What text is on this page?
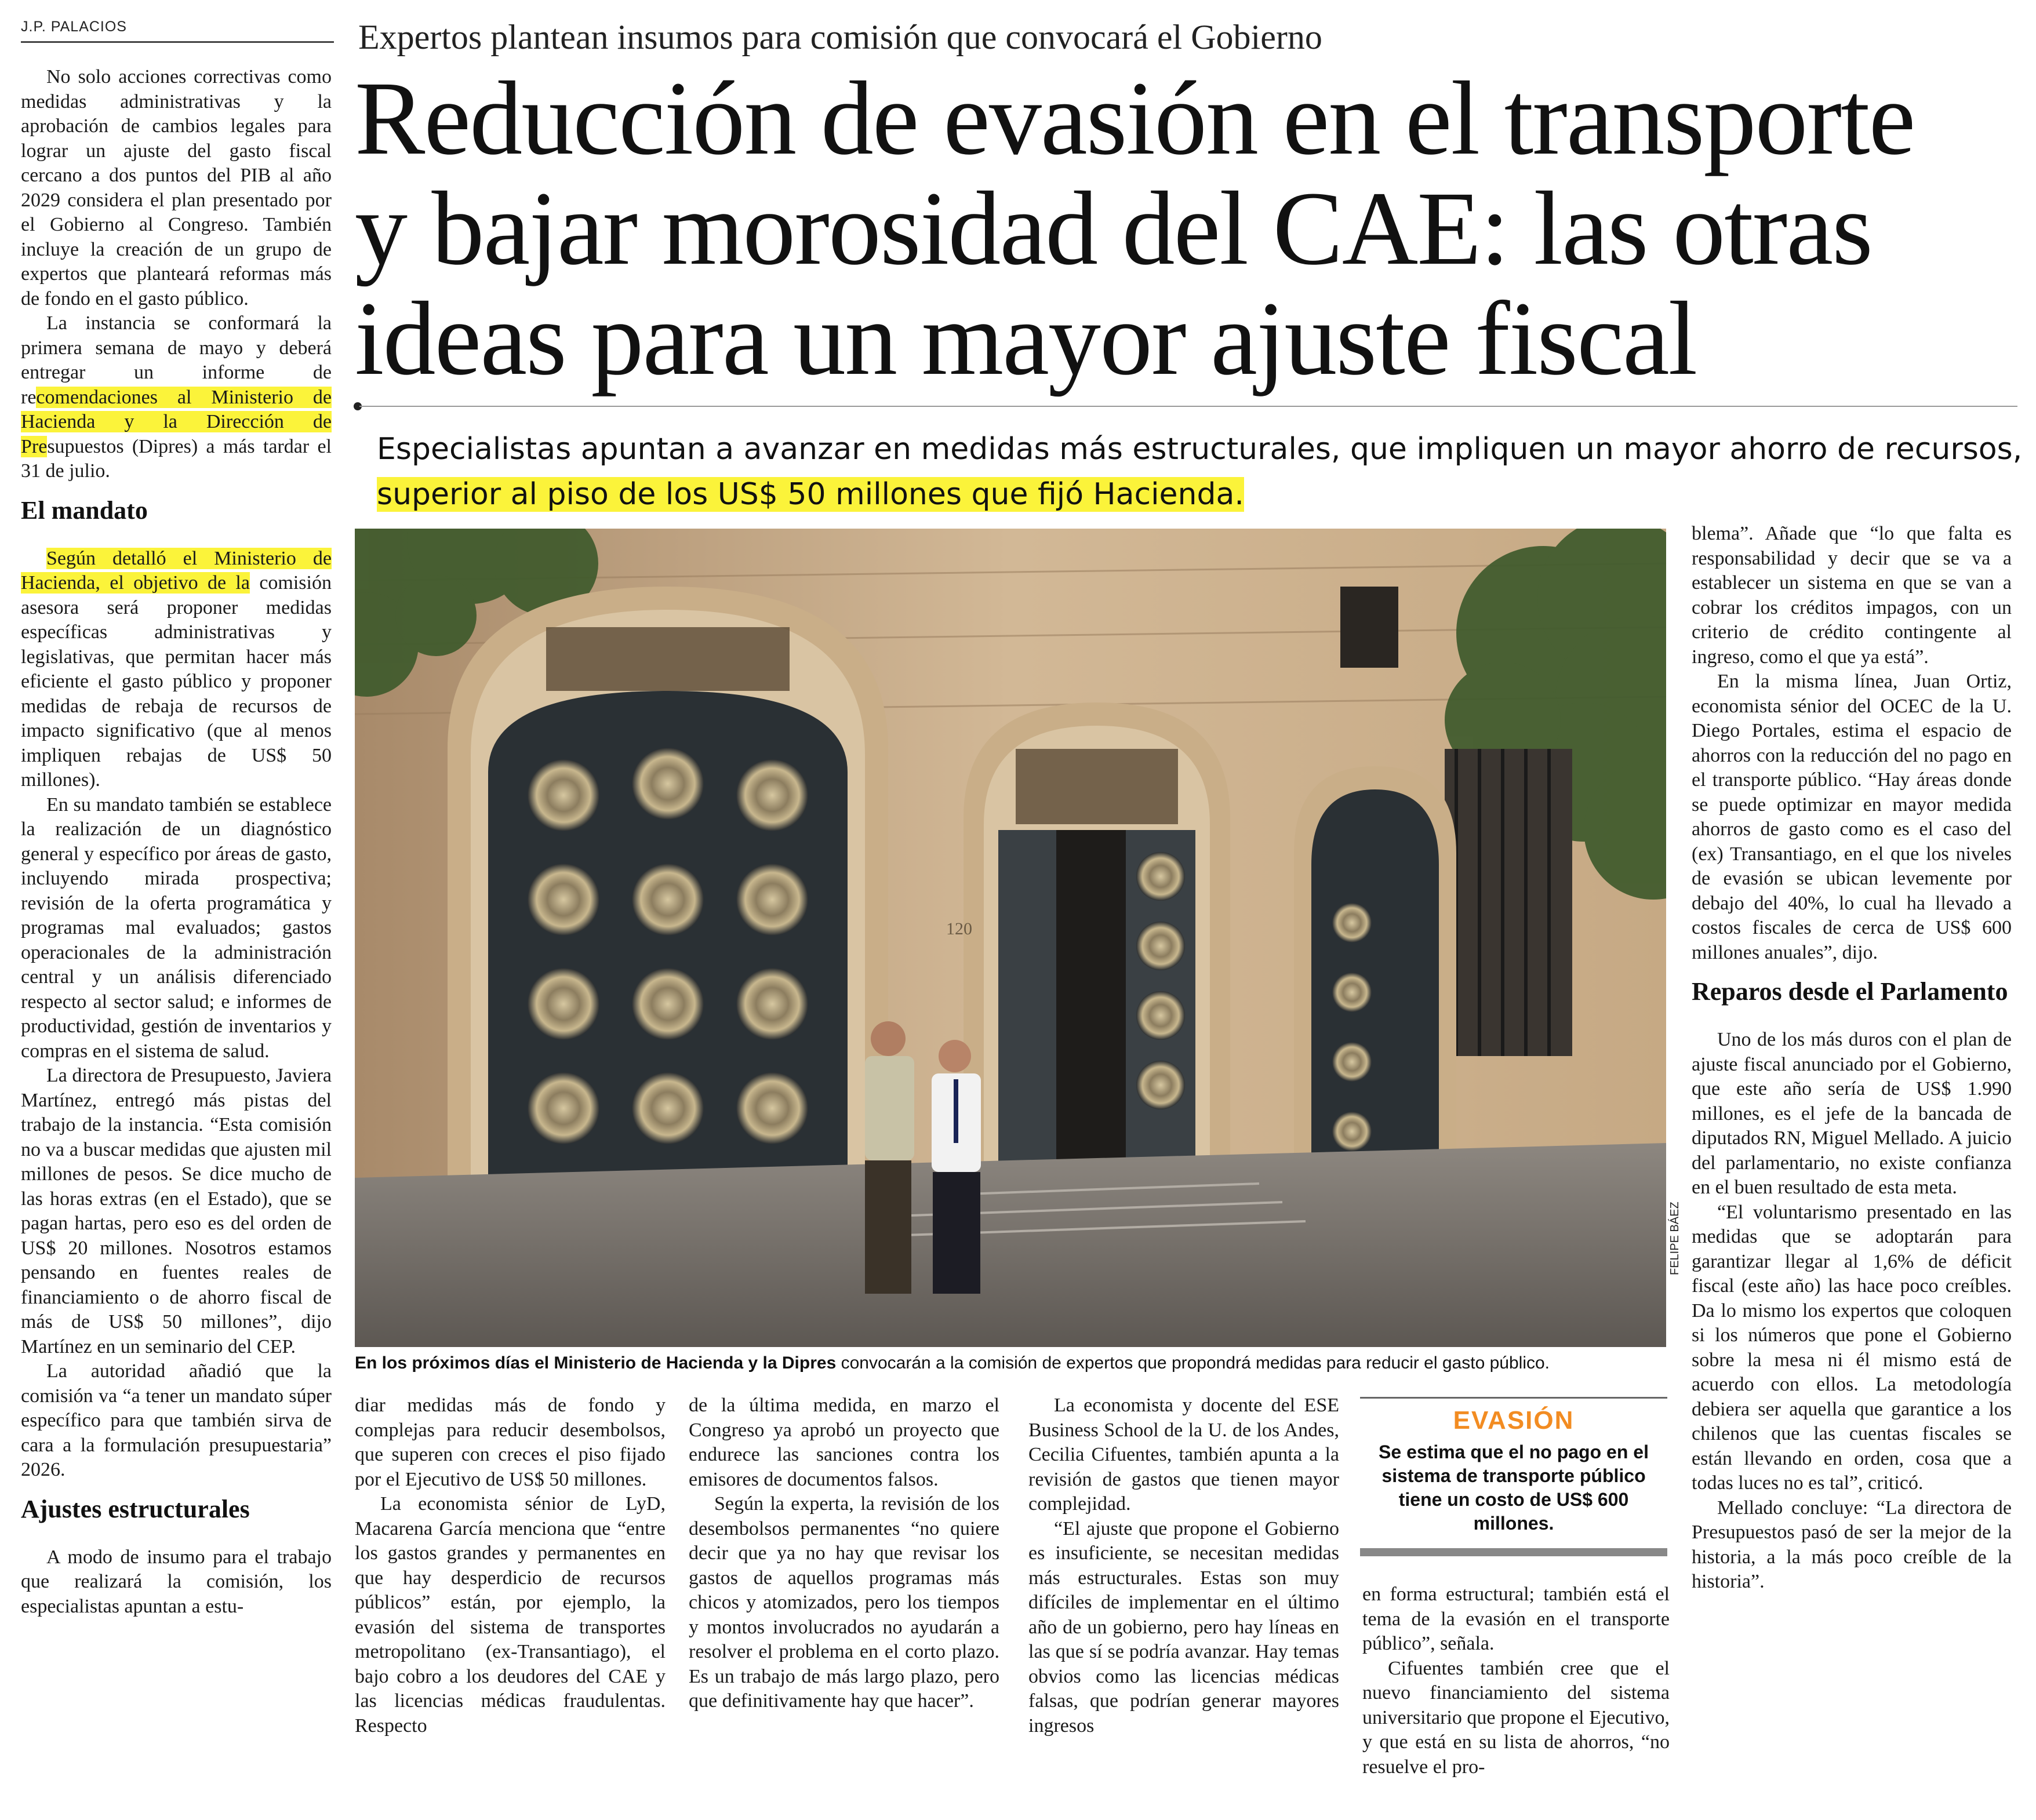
J.P. PALACIOS

No solo acciones correctivas como medidas administrativas y la aprobación de cambios legales para lograr un ajuste del gasto fiscal cercano a dos puntos del PIB al año 2029 considera el plan presentado por el Gobierno al Congreso. También incluye la creación de un grupo de expertos que planteará reformas más de fondo en el gasto público.

La instancia se conformará la primera semana de mayo y deberá entregar un informe de recomendaciones al Ministerio de Hacienda y la Dirección de Presupuestos (Dipres) a más tardar el 31 de julio.

El mandato

Según detalló el Ministerio de Hacienda, el objetivo de la comisión asesora será proponer medidas específicas administrativas y legislativas, que permitan hacer más eficiente el gasto público y proponer medidas de rebaja de recursos de impacto significativo (que al menos impliquen rebajas de US$ 50 millones).

En su mandato también se establece la realización de un diagnóstico general y específico por áreas de gasto, incluyendo mirada prospectiva; revisión de la oferta programática y programas mal evaluados; gastos operacionales de la administración central y un análisis diferenciado respecto al sector salud; e informes de productividad, gestión de inventarios y compras en el sistema de salud.

La directora de Presupuesto, Javiera Martínez, entregó más pistas del trabajo de la instancia. “Esta comisión no va a buscar medidas que ajusten mil millones de pesos. Se dice mucho de las horas extras (en el Estado), que se pagan hartas, pero eso es del orden de US$ 20 millones. Nosotros estamos pensando en fuentes reales de financiamiento o de ahorro fiscal de más de US$ 50 millones”, dijo Martínez en un seminario del CEP.

La autoridad añadió que la comisión va “a tener un mandato súper específico para que también sirva de cara a la formulación presupuestaria” 2026.

Ajustes estructurales

A modo de insumo para el trabajo que realizará la comisión, los especialistas apuntan a estu-

Expertos plantean insumos para comisión que convocará el Gobierno
Reducción de evasión en el transporte
y bajar morosidad del CAE: las otras
ideas para un mayor ajuste fiscal
Especialistas apuntan a avanzar en medidas más estructurales, que impliquen un mayor ahorro de recursos, superior al piso de los US$ 50 millones que fijó Hacienda.
120
FELIPE BÁEZ
En los próximos días el Ministerio de Hacienda y la Dipres convocarán a la comisión de expertos que propondrá medidas para reducir el gasto público.

diar medidas más de fondo y complejas para reducir desembolsos, que superen con creces el piso fijado por el Ejecutivo de US$ 50 millones.

La economista sénior de LyD, Macarena García menciona que “entre los gastos grandes y permanentes en que hay desperdicio de recursos públicos” están, por ejemplo, la evasión del sistema de transportes metropolitano (ex-Transantiago), el bajo cobro a los deudores del CAE y las licencias médicas fraudulentas. Respecto

de la última medida, en marzo el Congreso ya aprobó un proyecto que endurece las sanciones contra los emisores de documentos falsos.

Según la experta, la revisión de los desembolsos permanentes “no quiere decir que ya no hay que revisar los gastos de aquellos programas más chicos y atomizados, pero los tiempos y montos involucrados no ayudarán a resolver el problema en el corto plazo. Es un trabajo de más largo plazo, pero que definitivamente hay que hacer”.

La economista y docente del ESE Business School de la U. de los Andes, Cecilia Cifuentes, también apunta a la revisión de gastos que tienen mayor complejidad.

“El ajuste que propone el Gobierno es insuficiente, se necesitan medidas más estructurales. Estas son muy difíciles de implementar en el último año de un gobierno, pero hay líneas en las que sí se podría avanzar. Hay temas obvios como las licencias médicas falsas, que podrían generar mayores ingresos

EVASIÓN
Se estima que el no pago en el sistema de transporte público tiene un costo de US$ 600 millones.

en forma estructural; también está el tema de la evasión en el transporte público”, señala.

Cifuentes también cree que el nuevo financiamiento del sistema universitario que propone el Ejecutivo, y que está en su lista de ahorros, “no resuelve el pro-

blema”. Añade que “lo que falta es responsabilidad y decir que se va a establecer un sistema en que se van a cobrar los créditos impagos, con un criterio de crédito contingente al ingreso, como el que ya está”.

En la misma línea, Juan Ortiz, economista sénior del OCEC de la U. Diego Portales, estima el espacio de ahorros con la reducción del no pago en el transporte público. “Hay áreas donde se puede optimizar en mayor medida ahorros de gasto como es el caso del (ex) Transantiago, en el que los niveles de evasión se ubican levemente por debajo del 40%, lo cual ha llevado a costos fiscales de cerca de US$ 600 millones anuales”, dijo.

Reparos desde el Parlamento

Uno de los más duros con el plan de ajuste fiscal anunciado por el Gobierno, que este año sería de US$ 1.990 millones, es el jefe de la bancada de diputados RN, Miguel Mellado. A juicio del parlamentario, no existe confianza en el buen resultado de esta meta.

“El voluntarismo presentado en las medidas que se adoptarán para garantizar llegar al 1,6% de déficit fiscal (este año) las hace poco creíbles. Da lo mismo los expertos que coloquen si los números que pone el Gobierno sobre la mesa ni él mismo está de acuerdo con ellos. La metodología debiera ser aquella que garantice a los chilenos que las cuentas fiscales se están llevando en orden, cosa que a todas luces no es tal”, criticó.

Mellado concluye: “La directora de Presupuestos pasó de ser la mejor de la historia, a la más poco creíble de la historia”.
